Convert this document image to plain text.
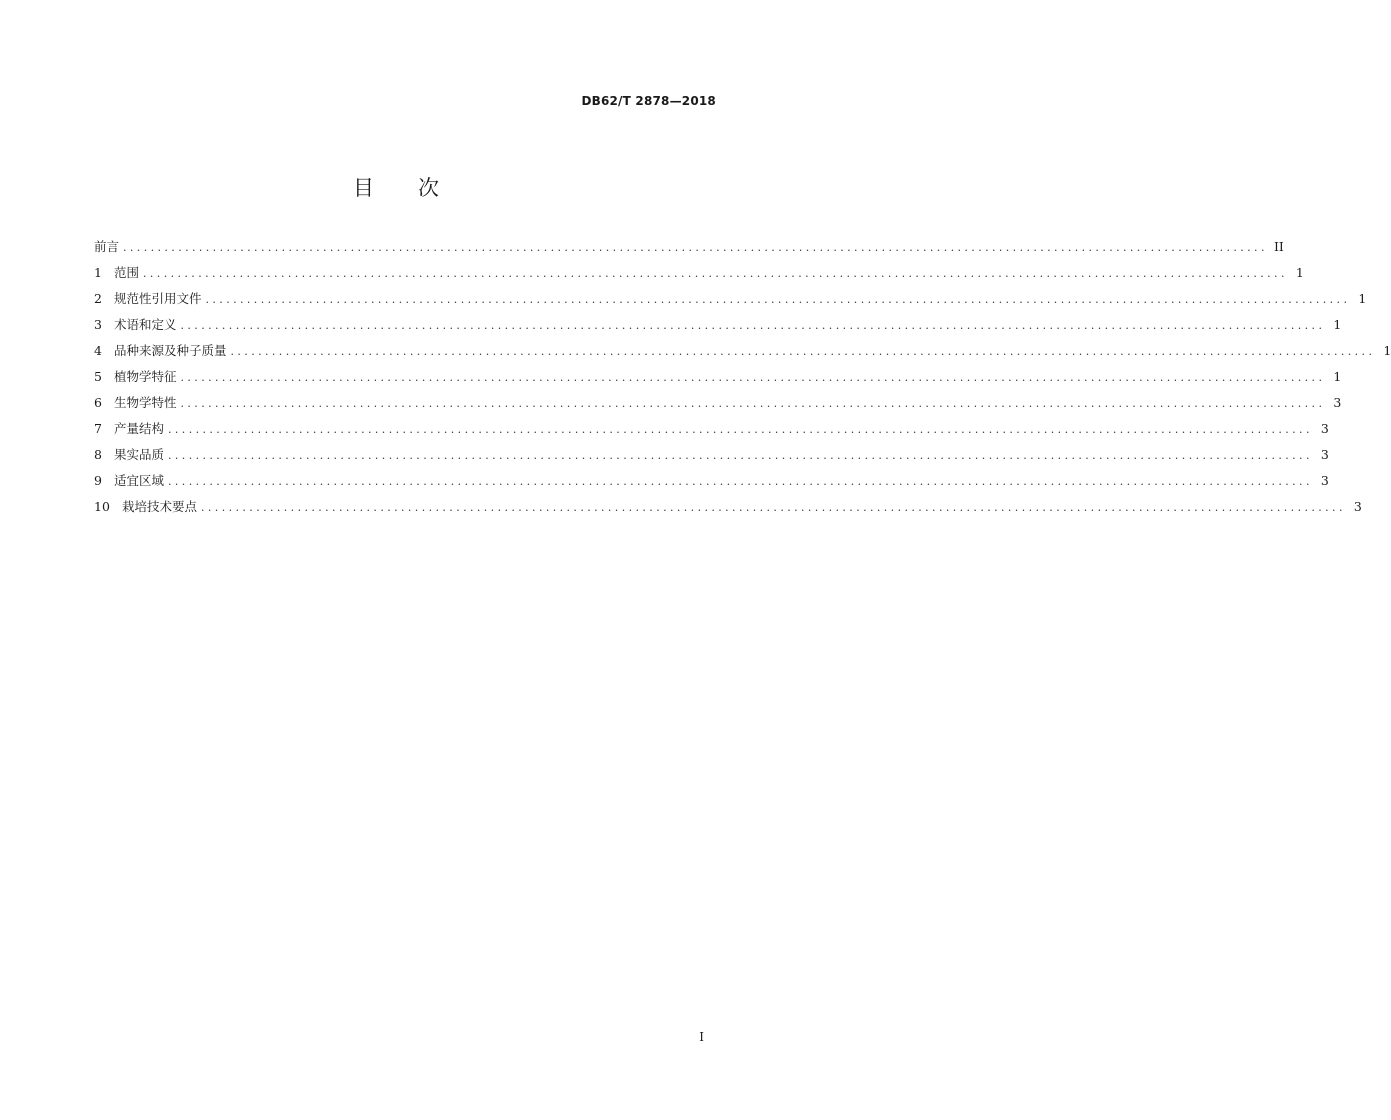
DB62/T 2878—2018
目次
前言 ...................................................................................................................................................................... II
1 范围 ...................................................................................................................................................................... 1
2 规范性引用文件 ...................................................................................................................................................................... 1
3 术语和定义 ...................................................................................................................................................................... 1
4 品种来源及种子质量 ...................................................................................................................................................................... 1
5 植物学特征 ...................................................................................................................................................................... 1
6 生物学特性 ...................................................................................................................................................................... 3
7 产量结构 ...................................................................................................................................................................... 3
8 果实品质 ...................................................................................................................................................................... 3
9 适宜区域 ...................................................................................................................................................................... 3
10 栽培技术要点 ...................................................................................................................................................................... 3
I
